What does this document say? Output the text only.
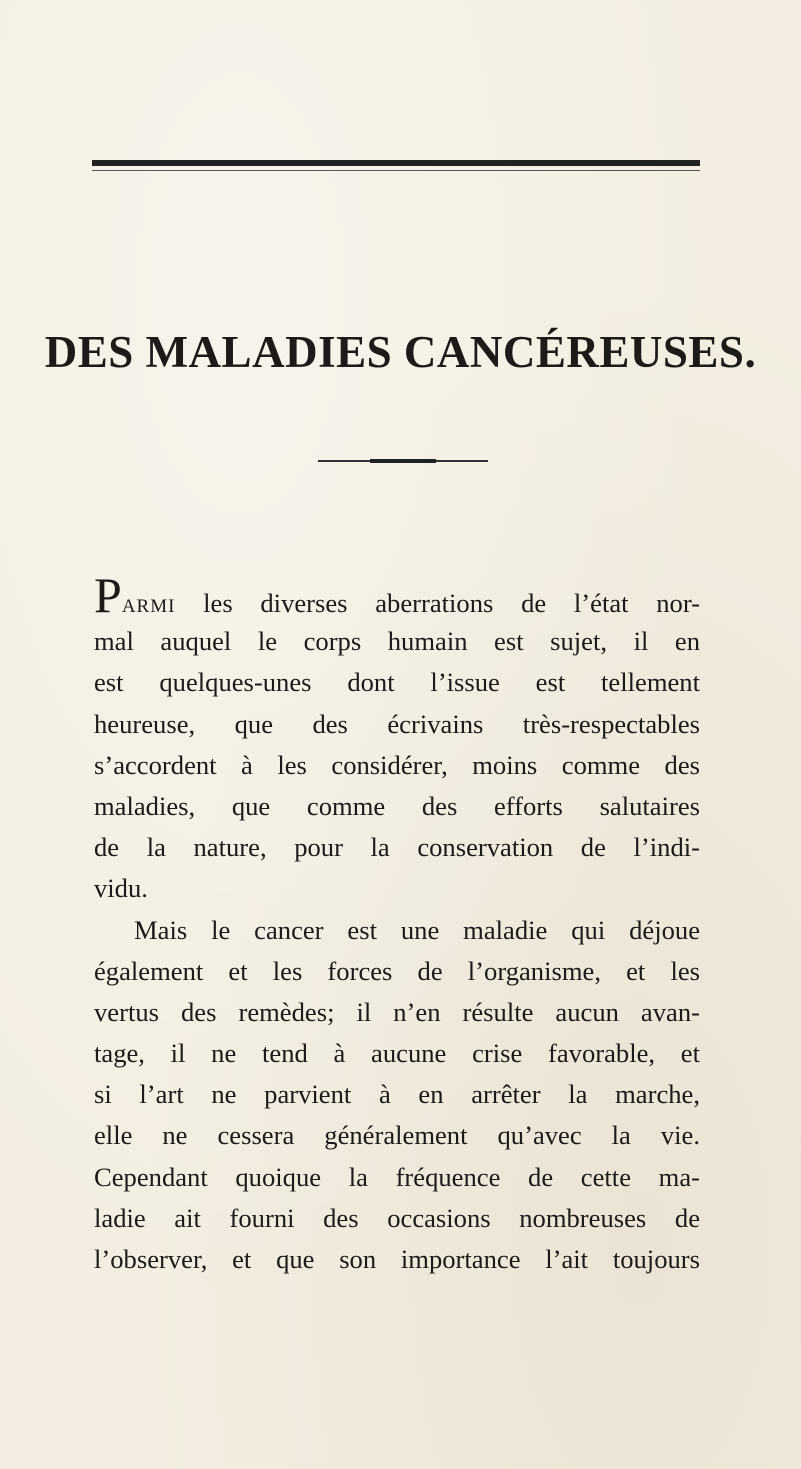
DES MALADIES CANCÉREUSES.
PARMI les diverses aberrations de l’état nor-
mal auquel le corps humain est sujet, il en
est quelques-unes dont l’issue est tellement
heureuse, que des écrivains très-respectables
s’accordent à les considérer, moins comme des
maladies, que comme des efforts salutaires
de la nature, pour la conservation de l’indi-
vidu.
Mais le cancer est une maladie qui déjoue
également et les forces de l’organisme, et les
vertus des remèdes; il n’en résulte aucun avan-
tage, il ne tend à aucune crise favorable, et
si l’art ne parvient à en arrêter la marche,
elle ne cessera généralement qu’avec la vie.
Cependant quoique la fréquence de cette ma-
ladie ait fourni des occasions nombreuses de
l’observer, et que son importance l’ait toujours
